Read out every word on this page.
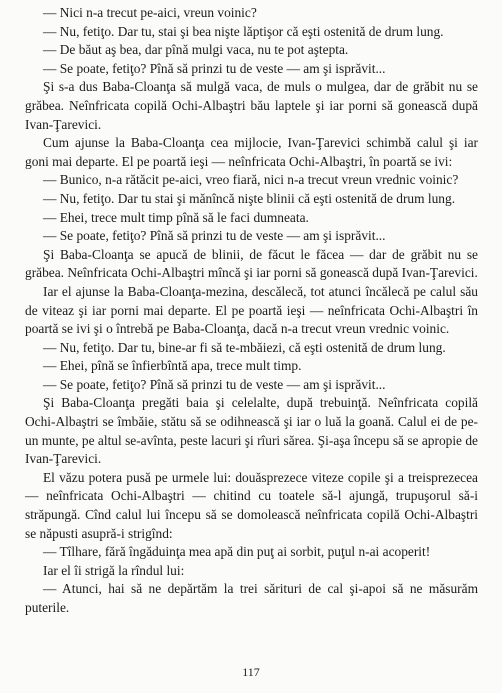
— Nici n-a trecut pe-aici, vreun voinic?

— Nu, fetiţo. Dar tu, stai şi bea nişte lăptişor că eşti ostenită de drum lung.

— De băut aş bea, dar pînă mulgi vaca, nu te pot aştepta.

— Se poate, fetiţo? Pînă să prinzi tu de veste — am şi isprăvit...

Şi s-a dus Baba-Cloanţa să mulgă vaca, de muls o mulgea, dar de grăbit nu se grăbea. Neînfricata copilă Ochi-Albaştri bău laptele şi iar porni să gonească după Ivan-Ţarevici.

Cum ajunse la Baba-Cloanţa cea mijlocie, Ivan-Ţarevici schimbă calul şi iar goni mai departe. El pe poartă ieşi — neînfricata Ochi-Albaştri, în poartă se ivi:

— Bunico, n-a rătăcit pe-aici, vreo fiară, nici n-a trecut vreun vrednic voinic?

— Nu, fetiţo. Dar tu stai şi mănîncă nişte blinii că eşti ostenită de drum lung.

— Ehei, trece mult timp pînă să le faci dumneata.

— Se poate, fetiţo? Pînă să prinzi tu de veste — am şi isprăvit...

Şi Baba-Cloanţa se apucă de blinii, de făcut le făcea — dar de grăbit nu se grăbea. Neînfricata Ochi-Albaştri mîncă şi iar porni să gonească după Ivan-Ţarevici.

Iar el ajunse la Baba-Cloanţa-mezina, descălecă, tot atunci încălecă pe calul său de viteaz şi iar porni mai departe. El pe poartă ieşi — neînfricata Ochi-Albaştri în poartă se ivi şi o întrebă pe Baba-Cloanţa, dacă n-a trecut vreun vrednic voinic.

— Nu, fetiţo. Dar tu, bine-ar fi să te-mbăiezi, că eşti ostenită de drum lung.

— Ehei, pînă se înfierbîntă apa, trece mult timp.

— Se poate, fetiţo? Pînă să prinzi tu de veste — am şi isprăvit...

Şi Baba-Cloanţa pregăti baia şi celelalte, după trebuinţă. Neînfricata copilă Ochi-Albaştri se îmbăie, stătu să se odihnească şi iar o luă la goană. Calul ei de pe-un munte, pe altul se-avînta, peste lacuri şi rîuri sărea. Şi-aşa începu să se apropie de Ivan-Ţarevici.

El văzu potera pusă pe urmele lui: douăsprezece viteze copile şi a treisprezecea — neînfricata Ochi-Albaştri — chitind cu toatele să-l ajungă, trupuşorul să-i străpungă. Cînd calul lui începu să se domolească neînfricata copilă Ochi-Albaştri se năpusti asupră-i strigînd:

— Tîlhare, fără îngăduinţa mea apă din puţ ai sorbit, puţul n-ai acoperit!

Iar el îi strigă la rîndul lui:

— Atunci, hai să ne depărtăm la trei sărituri de cal şi-apoi să ne măsurăm puterile.

117
